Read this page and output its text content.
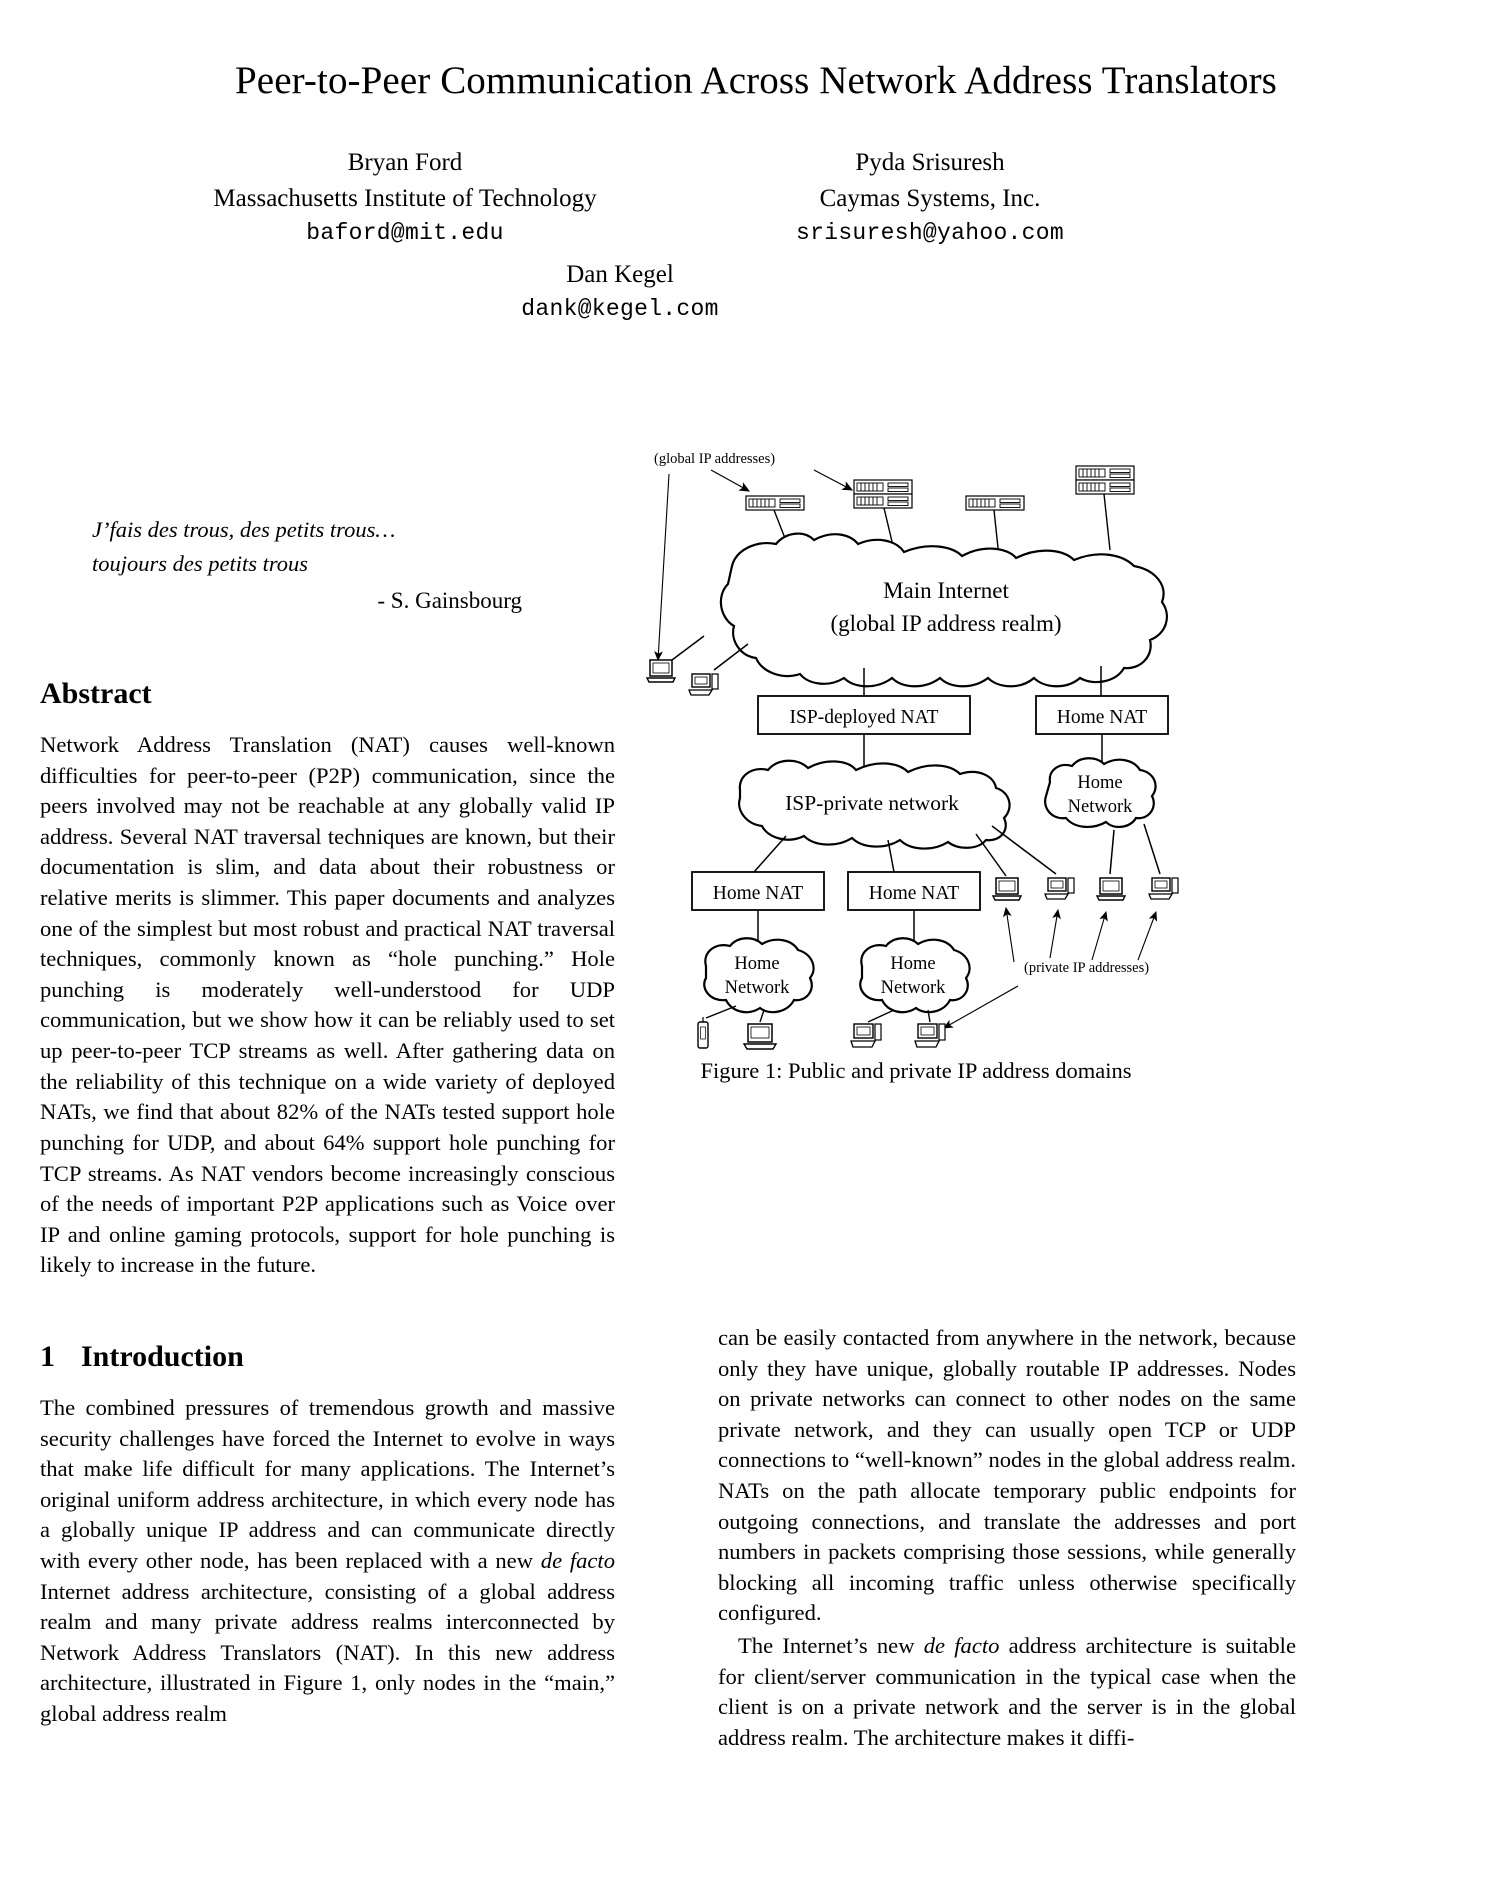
Peer-to-Peer Communication Across Network Address Translators
Bryan Ford
Massachusetts Institute of Technology
baford@mit.edu
Pyda Srisuresh
Caymas Systems, Inc.
srisuresh@yahoo.com
Dan Kegel
dank@kegel.com
J’fais des trous, des petits trous…
toujours des petits trous
- S. Gainsbourg
Abstract

Network Address Translation (NAT) causes well-known difficulties for peer-to-peer (P2P) communication, since the peers involved may not be reachable at any globally valid IP address. Several NAT traversal techniques are known, but their documentation is slim, and data about their robustness or relative merits is slimmer. This paper documents and analyzes one of the simplest but most robust and practical NAT traversal techniques, commonly known as “hole punching.” Hole punching is moderately well-understood for UDP communication, but we show how it can be reliably used to set up peer-to-peer TCP streams as well. After gathering data on the reliability of this technique on a wide variety of deployed NATs, we find that about 82% of the NATs tested support hole punching for UDP, and about 64% support hole punching for TCP streams. As NAT vendors become increasingly conscious of the needs of important P2P applications such as Voice over IP and online gaming protocols, support for hole punching is likely to increase in the future.

1 Introduction

The combined pressures of tremendous growth and massive security challenges have forced the Internet to evolve in ways that make life difficult for many applications. The Internet’s original uniform address architecture, in which every node has a globally unique IP address and can communicate directly with every other node, has been replaced with a new de facto Internet address architecture, consisting of a global address realm and many private address realms interconnected by Network Address Translators (NAT). In this new address architecture, illustrated in Figure 1, only nodes in the “main,” global address realm

can be easily contacted from anywhere in the network, because only they have unique, globally routable IP addresses. Nodes on private networks can connect to other nodes on the same private network, and they can usually open TCP or UDP connections to “well-known” nodes in the global address realm. NATs on the path allocate temporary public endpoints for outgoing connections, and translate the addresses and port numbers in packets comprising those sessions, while generally blocking all incoming traffic unless otherwise specifically configured.

The Internet’s new de facto address architecture is suitable for client/server communication in the typical case when the client is on a private network and the server is in the global address realm. The architecture makes it diffi-

(global IP addresses)
Main Internet
(global IP address realm)
ISP-deployed NAT	Home NAT
ISP-private network
Home
Network
Home NAT	Home NAT
Home
Network
Home
Network
(private IP addresses)
Figure 1: Public and private IP address domains
